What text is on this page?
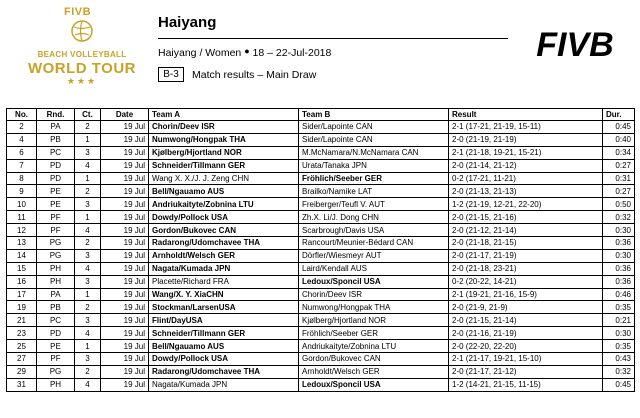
FIVB
BEACH VOLLEYBALL
WORLD TOUR
★★★
Haiyang
Haiyang / Women ● 18 – 22-Jul-2018
B-3	Match results – Main Draw
FIVB
No.	Rnd.	Ct.	Date	Team A	Team B	Result	Dur.
2	PA	2	19 Jul	Chorin/Deev ISR	Sider/Lapointe CAN	2-1 (17-21, 21-19, 15-11)	0:45
4	PB	1	19 Jul	Numwong/Hongpak THA	Sider/Lapointe CAN	2-0 (21-19, 21-19)	0:40
6	PC	3	19 Jul	Kjølberg/Hjortland NOR	M.McNamara/N.McNamara CAN	2-1 (21-18, 19-21, 15-21)	0:34
7	PD	4	19 Jul	Schneider/Tillmann GER	Urata/Tanaka JPN	2-0 (21-14, 21-12)	0:27
8	PD	1	19 Jul	Wang X. X./J. J. Zeng CHN	Fröhlich/Seeber GER	0-2 (17-21, 11-21)	0:31
9	PE	2	19 Jul	Bell/Ngauamo AUS	Brailko/Namike LAT	2-0 (21-13, 21-13)	0:27
10	PE	3	19 Jul	Andriukaityte/Zobnina LTU	Freiberger/Teufl V. AUT	1-2 (21-19, 12-21, 22-20)	0:50
11	PF	1	19 Jul	Dowdy/Pollock USA	Zh.X. Li/J. Dong CHN	2-0 (21-15, 21-16)	0:32
12	PF	4	19 Jul	Gordon/Bukovec CAN	Scarbrough/Davis USA	2-0 (21-12, 21-14)	0:30
13	PG	2	19 Jul	Radarong/Udomchavee THA	Rancourt/Meunier-Bédard CAN	2-0 (21-18, 21-15)	0:36
14	PG	3	19 Jul	Arnholdt/Welsch GER	Dörfler/Wiesmeyr AUT	2-0 (21-17, 21-19)	0:30
15	PH	4	19 Jul	Nagata/Kumada JPN	Laird/Kendall AUS	2-0 (21-18, 23-21)	0:36
16	PH	3	19 Jul	Placette/Richard FRA	Ledoux/Sponcil USA	0-2 (20-22, 14-21)	0:36
17	PA	1	19 Jul	Wang/X. Y. XiaCHN	Chorin/Deev ISR	2-1 (19-21, 21-16, 15-9)	0:46
19	PB	2	19 Jul	Stockman/LarsenUSA	Numwong/Hongpak THA	2-0 (21-9, 21-9)	0:35
21	PC	3	19 Jul	Flint/DayUSA	Kjølberg/Hjortland NOR	2-0 (21-15, 21-14)	0:21
23	PD	4	19 Jul	Schneider/Tillmann GER	Fröhlich/Seeber GER	2-0 (21-16, 21-19)	0:30
25	PE	1	19 Jul	Bell/Ngauamo AUS	Andriukaityte/Zobnina LTU	2-0 (22-20, 22-20)	0:35
27	PF	3	19 Jul	Dowdy/Pollock USA	Gordon/Bukovec CAN	2-1 (21-17, 19-21, 15-10)	0:43
29	PG	2	19 Jul	Radarong/Udomchavee THA	Arnholdt/Welsch GER	2-0 (21-17, 21-12)	0:32
31	PH	4	19 Jul	Nagata/Kumada JPN	Ledoux/Sponcil USA	1-2 (14-21, 21-15, 11-15)	0:45
